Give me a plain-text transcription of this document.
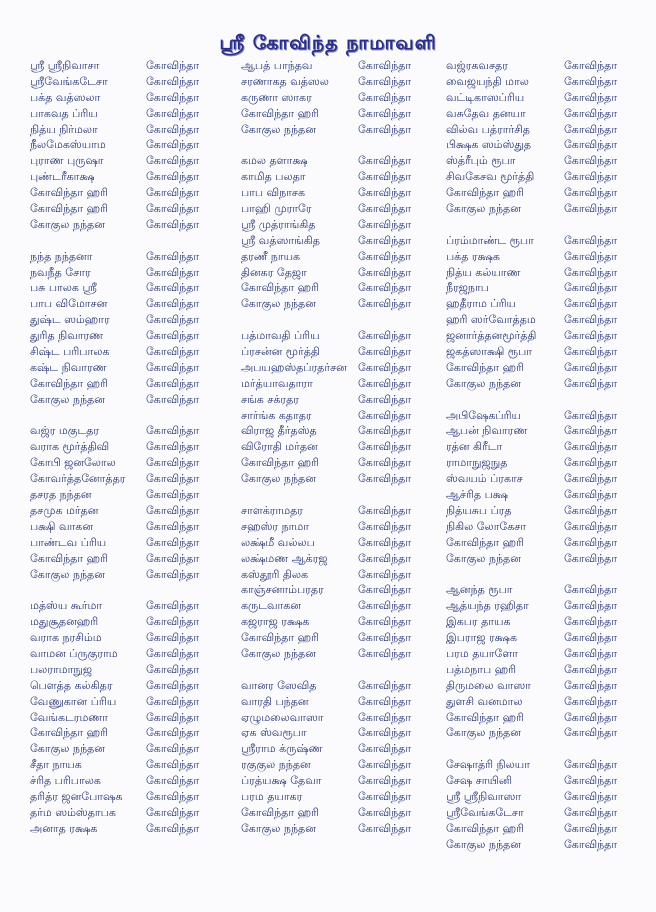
ஸ்ரீ கோவிந்த நாமாவளி
ஸ்ரீ ஸ்ரீநிவாசா	கோவிந்தா
ஸ்ரீவேங்கடேசா	கோவிந்தா
பக்த வத்ஸலா	கோவிந்தா
பாகவத ப்ரிய	கோவிந்தா
நித்ய நிர்மலா	கோவிந்தா
நீலமேகஸ்யாம	கோவிந்தா
புராண புருஷா	கோவிந்தா
புண்டரீகாக்ஷ	கோவிந்தா
கோவிந்தா ஹரி	கோவிந்தா
கோவிந்தா ஹரி	கோவிந்தா
கோகுல நந்தன	கோவிந்தா
நந்த நந்தனா	கோவிந்தா
நவநீத சோர	கோவிந்தா
பசு பாலக ஸ்ரீ	கோவிந்தா
பாப விமோசன	கோவிந்தா
துஷ்ட ஸம்ஹார	கோவிந்தா
துரித நிவாரண	கோவிந்தா
சிஷ்ட பரிபாலக	கோவிந்தா
கஷ்ட நிவாரண	கோவிந்தா
கோவிந்தா ஹரி	கோவிந்தா
கோகுல நந்தன	கோவிந்தா
வஜ்ர மகுடதர	கோவிந்தா
வராக மூர்த்திவி	கோவிந்தா
கோபி ஜனலோல	கோவிந்தா
கோவர்த்தனோத்தர கோவிந்தா
தசரத நந்தன	கோவிந்தா
தசமுக மர்தன	கோவிந்தா
பக்ஷி வாகன	கோவிந்தா
பாண்டவ ப்ரிய	கோவிந்தா
கோவிந்தா ஹரி	கோவிந்தா
கோகுல நந்தன	கோவிந்தா
மத்ஸ்ய கூர்மா	கோவிந்தா
மதுசூதனஹரி	கோவிந்தா
வராக நரசிம்ம	கோவிந்தா
வாமன ப்ருகுராம	கோவிந்தா
பலராமாநுஜ	கோவிந்தா
பௌத்த கல்கிதர	கோவிந்தா
வேணுகான ப்ரிய	கோவிந்தா
வேங்கடரமணா	கோவிந்தா
கோவிந்தா ஹரி	கோவிந்தா
கோகுல நந்தன	கோவிந்தா
சீதா நாயக	கோவிந்தா
ச்ரித பரிபாலக	கோவிந்தா
தரித்ர ஜனபோஷக கோவிந்தா
தர்ம ஸம்ஸ்தாபக	கோவிந்தா
அனாத ரக்ஷக	கோவிந்தா
ஆபத் பாந்தவ	கோவிந்தா
சரணாகத வத்ஸல	கோவிந்தா
கருணா ஸாகர	கோவிந்தா
கோவிந்தா ஹரி	கோவிந்தா
கோகுல நந்தன	கோவிந்தா
கமல தளாக்ஷ	கோவிந்தா
காமித பலதா	கோவிந்தா
பாப விநாசக	கோவிந்தா
பாஹி முராரே	கோவிந்தா
ஸ்ரீ முத்ராங்கித	கோவிந்தா
ஸ்ரீ வத்ஸாங்கித	கோவிந்தா
தரணீ நாயக	கோவிந்தா
தினகர தேஜா	கோவிந்தா
கோவிந்தா ஹரி	கோவிந்தா
கோகுல நந்தன	கோவிந்தா
பத்மாவதி ப்ரிய	கோவிந்தா
ப்ரசன்ன மூர்த்தி	கோவிந்தா
அபயஹஸ்தப்ரதர்சன கோவிந்தா
மர்த்யாவதாரா	கோவிந்தா
சங்க சக்ரதர	கோவிந்தா
சார்ங்க கதாதர	கோவிந்தா
விராஜ தீர்தஸ்த	கோவிந்தா
விரோதி மர்தன	கோவிந்தா
கோவிந்தா ஹரி	கோவிந்தா
கோகுல நந்தன	கோவிந்தா
சாளக்ராமதர	கோவிந்தா
சஹஸ்ர நாமா	கோவிந்தா
லக்ஷ்மீ வல்லப	கோவிந்தா
லக்ஷ்மண ஆக்ரஜ	கோவிந்தா
கஸ்தூரி திலக	கோவிந்தா
காஞ்சனாம்பரதர	கோவிந்தா
கருடவாகன	கோவிந்தா
கஜராஜ ரக்ஷக	கோவிந்தா
கோவிந்தா ஹரி	கோவிந்தா
கோகுல நந்தன	கோவிந்தா
வானர ஸேவித	கோவிந்தா
வாரதி பந்தன	கோவிந்தா
ஏழுமலைவாஸா	கோவிந்தா
ஏக ஸ்வரூபா	கோவிந்தா
ஸ்ரீராம க்ருஷ்ண	கோவிந்தா
ரகுகுல நந்தன	கோவிந்தா
ப்ரத்யக்ஷ தேவா	கோவிந்தா
பரம தயாகர	கோவிந்தா
கோவிந்தா ஹரி	கோவிந்தா
கோகுல நந்தன	கோவிந்தா
வஜ்ரகவசதர	கோவிந்தா
வைஜயந்தி மால	கோவிந்தா
வட்டிகாஸப்ரிய	கோவிந்தா
வசுதேவ தனயா	கோவிந்தா
வில்வ பத்ரார்சித	கோவிந்தா
பிக்ஷக ஸம்ஸ்துத	கோவிந்தா
ஸ்த்ரீபும் ரூபா	கோவிந்தா
சிவகேசவ மூர்த்தி	கோவிந்தா
கோவிந்தா ஹரி	கோவிந்தா
கோகுல நந்தன	கோவிந்தா
ப்ரம்மாண்ட ரூபா	கோவிந்தா
பக்த ரக்ஷக	கோவிந்தா
நித்ய கல்யாண	கோவிந்தா
நீரஜநாப	கோவிந்தா
ஹதீராம ப்ரிய	கோவிந்தா
ஹரி ஸர்வோத்தம	கோவிந்தா
ஜனார்த்தனமூர்த்தி	கோவிந்தா
ஜகத்ஸாக்ஷி ரூபா	கோவிந்தா
கோவிந்தா ஹரி	கோவிந்தா
கோகுல நந்தன	கோவிந்தா
அபிஷேகப்ரிய	கோவிந்தா
ஆபன் நிவாரண	கோவிந்தா
ரத்ன கிரீடா	கோவிந்தா
ராமாநுஜநுத	கோவிந்தா
ஸ்வயம் ப்ரகாச	கோவிந்தா
ஆச்ரித பக்ஷ	கோவிந்தா
நித்யசுப ப்ரத	கோவிந்தா
நிகில லோகேசா	கோவிந்தா
கோவிந்தா ஹரி	கோவிந்தா
கோகுல நந்தன	கோவிந்தா
ஆனந்த ரூபா	கோவிந்தா
ஆத்யந்த ரஹிதா	கோவிந்தா
இகபர தாயக	கோவிந்தா
இபராஜ ரக்ஷக	கோவிந்தா
பரம தயாளோ	கோவிந்தா
பத்மநாப ஹரி	கோவிந்தா
திருமலை வாஸா	கோவிந்தா
துளசி வனமால	கோவிந்தா
கோவிந்தா ஹரி	கோவிந்தா
கோகுல நந்தன	கோவிந்தா
சேஷாத்ரி நிலயா	கோவிந்தா
சேஷ சாயினி	கோவிந்தா
ஸ்ரீ ஸ்ரீநிவாஸா	கோவிந்தா
ஸ்ரீவேங்கடேசா	கோவிந்தா
கோவிந்தா ஹரி	கோவிந்தா
கோகுல நந்தன	கோவிந்தா
